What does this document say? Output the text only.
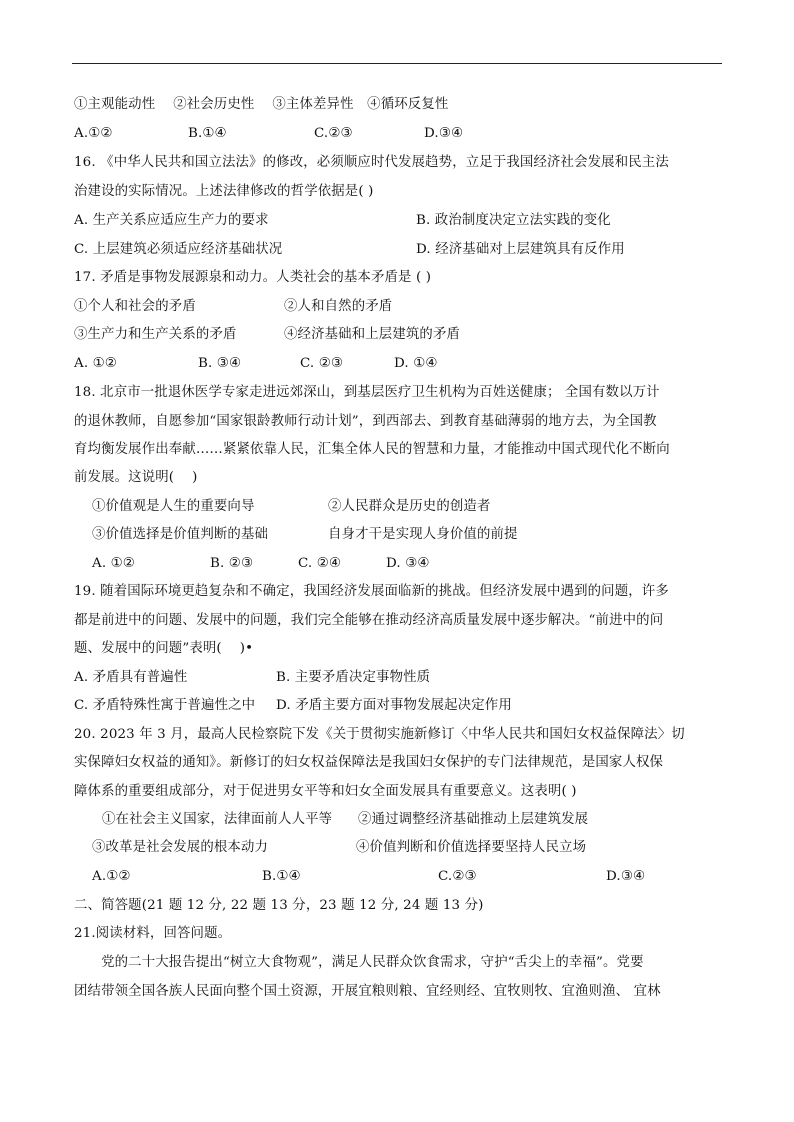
①主观能动性　 ②社会历史性　 ③主体差异性　④循环反复性
A.①②	B.①④	C.②③	D.③④
16. 《中华人民共和国立法法》的修改，必须顺应时代发展趋势，立足于我国经济社会发展和民主法
治建设的实际情况。上述法律修改的哲学依据是( )
A. 生产关系应适应生产力的要求	B. 政治制度决定立法实践的变化
C. 上层建筑必须适应经济基础状况	D. 经济基础对上层建筑具有反作用
17. 矛盾是事物发展源泉和动力。人类社会的基本矛盾是 ( )
①个人和社会的矛盾	②人和自然的矛盾
③生产力和生产关系的矛盾	④经济基础和上层建筑的矛盾
A. ①②	B. ③④	C. ②③	D. ①④
18. 北京市一批退休医学专家走进远郊深山，到基层医疗卫生机构为百姓送健康； 全国有数以万计
的退休教师，自愿参加“国家银龄教师行动计划”，到西部去、到教育基础薄弱的地方去，为全国教
育均衡发展作出奉献……紧紧依靠人民，汇集全体人民的智慧和力量，才能推动中国式现代化不断向
前发展。这说明(　 )
①价值观是人生的重要向导	②人民群众是历史的创造者
③价值选择是价值判断的基础	自身才干是实现人身价值的前提
A. ①②	B. ②③	C. ②④	D. ③④
19. 随着国际环境更趋复杂和不确定，我国经济发展面临新的挑战。但经济发展中遇到的问题，许多
都是前进中的问题、发展中的问题，我们完全能够在推动经济高质量发展中逐步解决。“前进中的问
题、发展中的问题”表明(　 )•
A. 矛盾具有普遍性	B. 主要矛盾决定事物性质
C. 矛盾特殊性寓于普遍性之中 D. 矛盾主要方面对事物发展起决定作用
20. 2023 年 3 月，最高人民检察院下发《关于贯彻实施新修订〈中华人民共和国妇女权益保障法〉切
实保障妇女权益的通知》。新修订的妇女权益保障法是我国妇女保护的专门法律规范，是国家人权保
障体系的重要组成部分，对于促进男女平等和妇女全面发展具有重要意义。这表明( )
①在社会主义国家，法律面前人人平等 ②通过调整经济基础推动上层建筑发展
③改革是社会发展的根本动力	④价值判断和价值选择要坚持人民立场
A.①②	B.①④	C.②③	D.③④
二、简答题(21 题 12 分, 22 题 13 分，23 题 12 分, 24 题 13 分)
21.阅读材料，回答问题。
　　党的二十大报告提出“树立大食物观”，满足人民群众饮食需求，守护“舌尖上的幸福”。党要
团结带领全国各族人民面向整个国土资源，开展宜粮则粮、宜经则经、宜牧则牧、宜渔则渔、 宜林
